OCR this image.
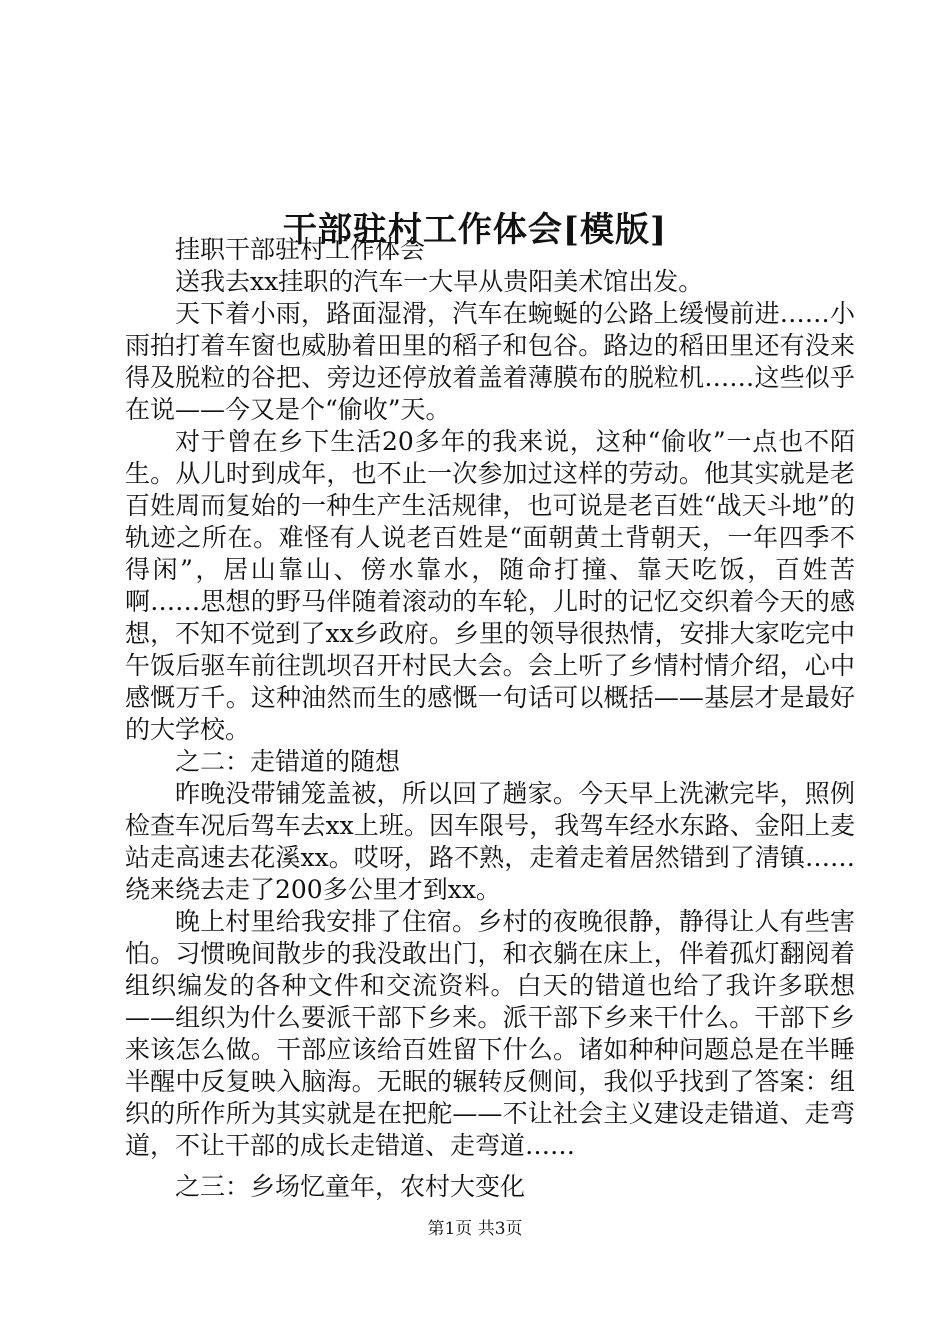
干部驻村工作体会[模版]

挂职干部驻村工作体会

送我去xx挂职的汽车一大早从贵阳美术馆出发。

天下着小雨，路面湿滑，汽车在蜿蜒的公路上缓慢前进……小雨拍打着车窗也威胁着田里的稻子和包谷。路边的稻田里还有没来得及脱粒的谷把、旁边还停放着盖着薄膜布的脱粒机……这些似乎在说——今又是个“偷收”天。

对于曾在乡下生活20多年的我来说，这种“偷收”一点也不陌生。从儿时到成年，也不止一次参加过这样的劳动。他其实就是老百姓周而复始的一种生产生活规律，也可说是老百姓“战天斗地”的轨迹之所在。难怪有人说老百姓是“面朝黄土背朝天，一年四季不得闲”，居山靠山、傍水靠水，随命打撞、靠天吃饭，百姓苦啊……思想的野马伴随着滚动的车轮，儿时的记忆交织着今天的感想，不知不觉到了xx乡政府。乡里的领导很热情，安排大家吃完中午饭后驱车前往凯坝召开村民大会。会上听了乡情村情介绍，心中感慨万千。这种油然而生的感慨一句话可以概括——基层才是最好的大学校。

之二：走错道的随想

昨晚没带铺笼盖被，所以回了趟家。今天早上洗漱完毕，照例检查车况后驾车去xx上班。因车限号，我驾车经水东路、金阳上麦站走高速去花溪xx。哎呀，路不熟，走着走着居然错到了清镇……绕来绕去走了200多公里才到xx。

晚上村里给我安排了住宿。乡村的夜晚很静，静得让人有些害怕。习惯晚间散步的我没敢出门，和衣躺在床上，伴着孤灯翻阅着组织编发的各种文件和交流资料。白天的错道也给了我许多联想——组织为什么要派干部下乡来。派干部下乡来干什么。干部下乡来该怎么做。干部应该给百姓留下什么。诸如种种问题总是在半睡半醒中反复映入脑海。无眠的辗转反侧间，我似乎找到了答案：组织的所作所为其实就是在把舵——不让社会主义建设走错道、走弯道，不让干部的成长走错道、走弯道……

之三：乡场忆童年，农村大变化

第1页 共3页
